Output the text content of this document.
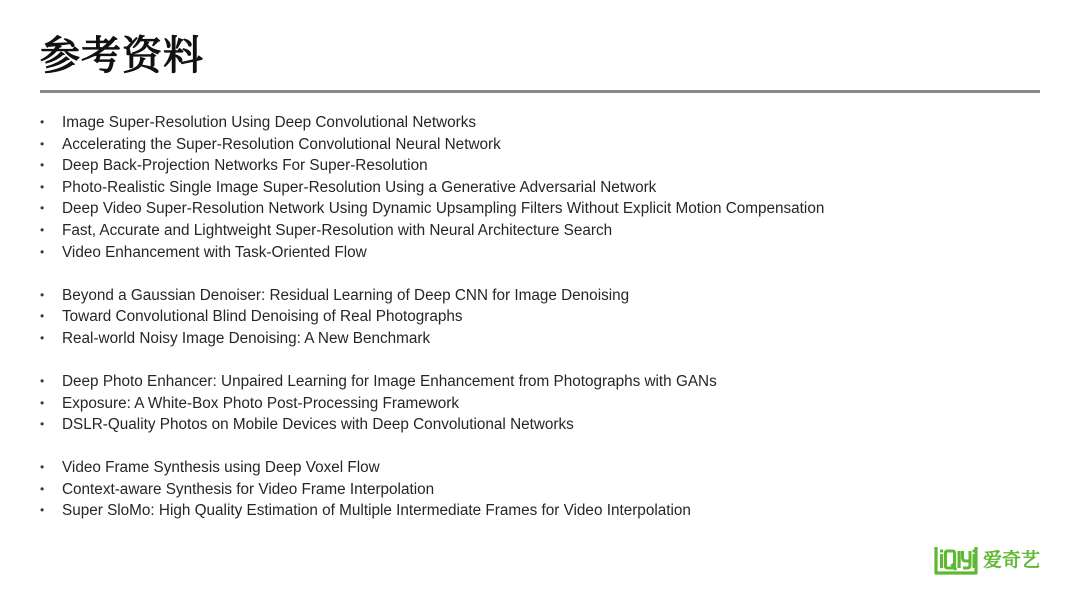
参考资料
• Image Super-Resolution Using Deep Convolutional Networks
• Accelerating the Super-Resolution Convolutional Neural Network
• Deep Back-Projection Networks For Super-Resolution
• Photo-Realistic Single Image Super-Resolution Using a Generative Adversarial Network
• Deep Video Super-Resolution Network Using Dynamic Upsampling Filters Without Explicit Motion Compensation
• Fast, Accurate and Lightweight Super-Resolution with Neural Architecture Search
• Video Enhancement with Task-Oriented Flow
• Beyond a Gaussian Denoiser: Residual Learning of Deep CNN for Image Denoising
• Toward Convolutional Blind Denoising of Real Photographs
• Real-world Noisy Image Denoising: A New Benchmark
• Deep Photo Enhancer: Unpaired Learning for Image Enhancement from Photographs with GANs
• Exposure: A White-Box Photo Post-Processing Framework
• DSLR-Quality Photos on Mobile Devices with Deep Convolutional Networks
• Video Frame Synthesis using Deep Voxel Flow
• Context-aware Synthesis for Video Frame Interpolation
• Super SloMo: High Quality Estimation of Multiple Intermediate Frames for Video Interpolation
爱奇艺
